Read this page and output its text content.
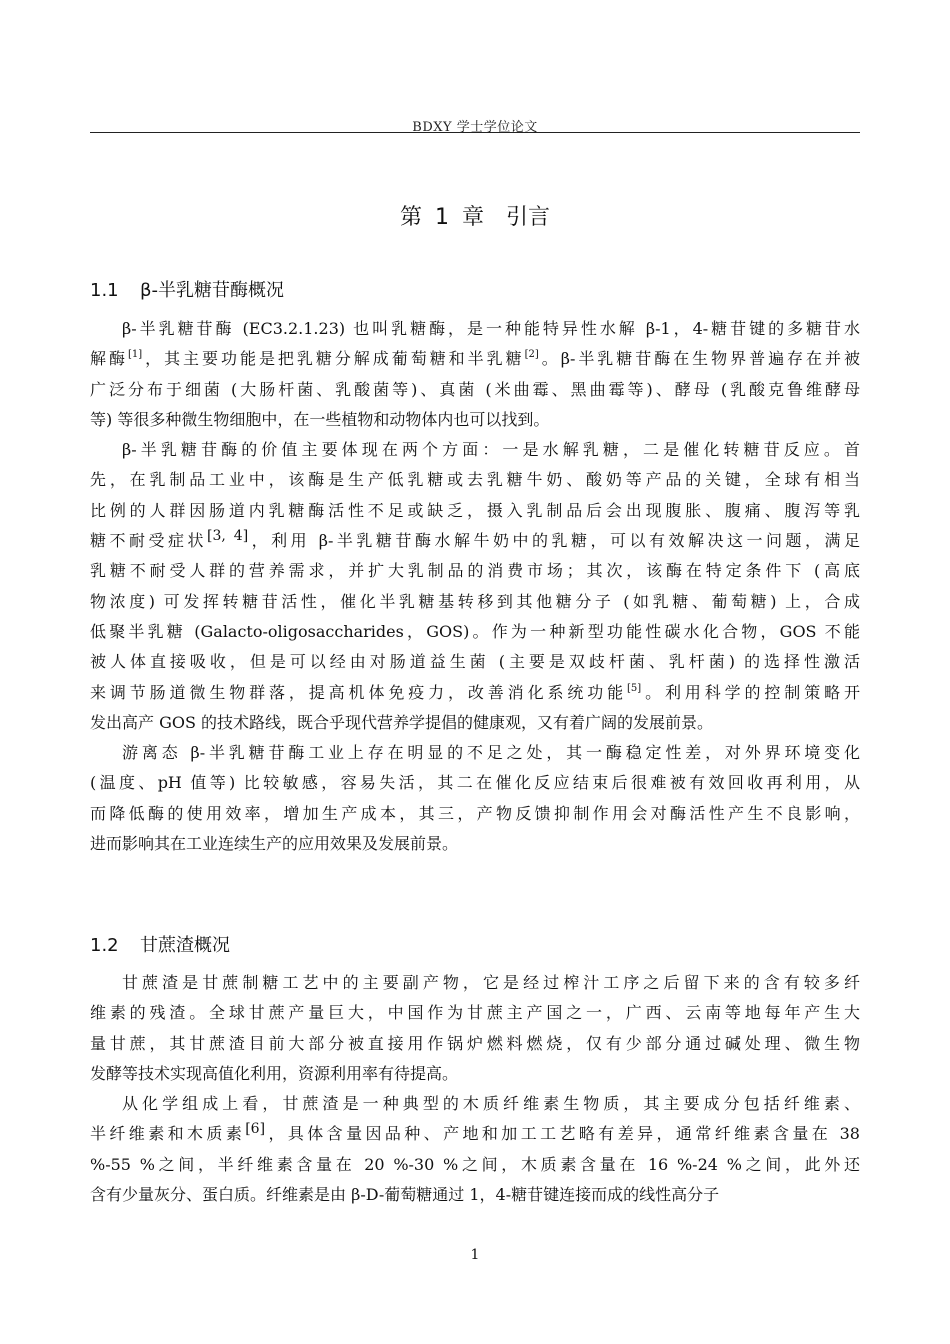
BDXY 学士学位论文
第 1 章　引言
1.1 β-半乳糖苷酶概况
β-半乳糖苷酶 (EC3.2.1.23) 也叫乳糖酶，是一种能特异性水解 β-1，4-糖苷键的多糖苷水
解酶[1]，其主要功能是把乳糖分解成葡萄糖和半乳糖[2]。β-半乳糖苷酶在生物界普遍存在并被
广泛分布于细菌 (大肠杆菌、乳酸菌等)、真菌 (米曲霉、黑曲霉等)、酵母 (乳酸克鲁维酵母
等) 等很多种微生物细胞中，在一些植物和动物体内也可以找到。
β-半乳糖苷酶的价值主要体现在两个方面：一是水解乳糖，二是催化转糖苷反应。首
先，在乳制品工业中，该酶是生产低乳糖或去乳糖牛奶、酸奶等产品的关键，全球有相当
比例的人群因肠道内乳糖酶活性不足或缺乏，摄入乳制品后会出现腹胀、腹痛、腹泻等乳
糖不耐受症状[3, 4]，利用 β-半乳糖苷酶水解牛奶中的乳糖，可以有效解决这一问题，满足
乳糖不耐受人群的营养需求，并扩大乳制品的消费市场；其次，该酶在特定条件下 (高底
物浓度) 可发挥转糖苷活性，催化半乳糖基转移到其他糖分子 (如乳糖、葡萄糖) 上，合成
低聚半乳糖 (Galacto-oligosaccharides，GOS)。作为一种新型功能性碳水化合物，GOS 不能
被人体直接吸收，但是可以经由对肠道益生菌 (主要是双歧杆菌、乳杆菌) 的选择性激活
来调节肠道微生物群落，提高机体免疫力，改善消化系统功能[5]。利用科学的控制策略开
发出高产 GOS 的技术路线，既合乎现代营养学提倡的健康观，又有着广阔的发展前景。
游离态 β-半乳糖苷酶工业上存在明显的不足之处，其一酶稳定性差，对外界环境变化
(温度、pH 值等) 比较敏感，容易失活，其二在催化反应结束后很难被有效回收再利用，从
而降低酶的使用效率，增加生产成本，其三，产物反馈抑制作用会对酶活性产生不良影响，
进而影响其在工业连续生产的应用效果及发展前景。
1.2 甘蔗渣概况
甘蔗渣是甘蔗制糖工艺中的主要副产物，它是经过榨汁工序之后留下来的含有较多纤
维素的残渣。全球甘蔗产量巨大，中国作为甘蔗主产国之一，广西、云南等地每年产生大
量甘蔗，其甘蔗渣目前大部分被直接用作锅炉燃料燃烧，仅有少部分通过碱处理、微生物
发酵等技术实现高值化利用，资源利用率有待提高。
从化学组成上看，甘蔗渣是一种典型的木质纤维素生物质，其主要成分包括纤维素、
半纤维素和木质素[6]，具体含量因品种、产地和加工工艺略有差异，通常纤维素含量在 38
%-55 %之间，半纤维素含量在 20 %-30 %之间，木质素含量在 16 %-24 %之间，此外还
含有少量灰分、蛋白质。纤维素是由 β-D-葡萄糖通过 1，4-糖苷键连接而成的线性高分子
1
